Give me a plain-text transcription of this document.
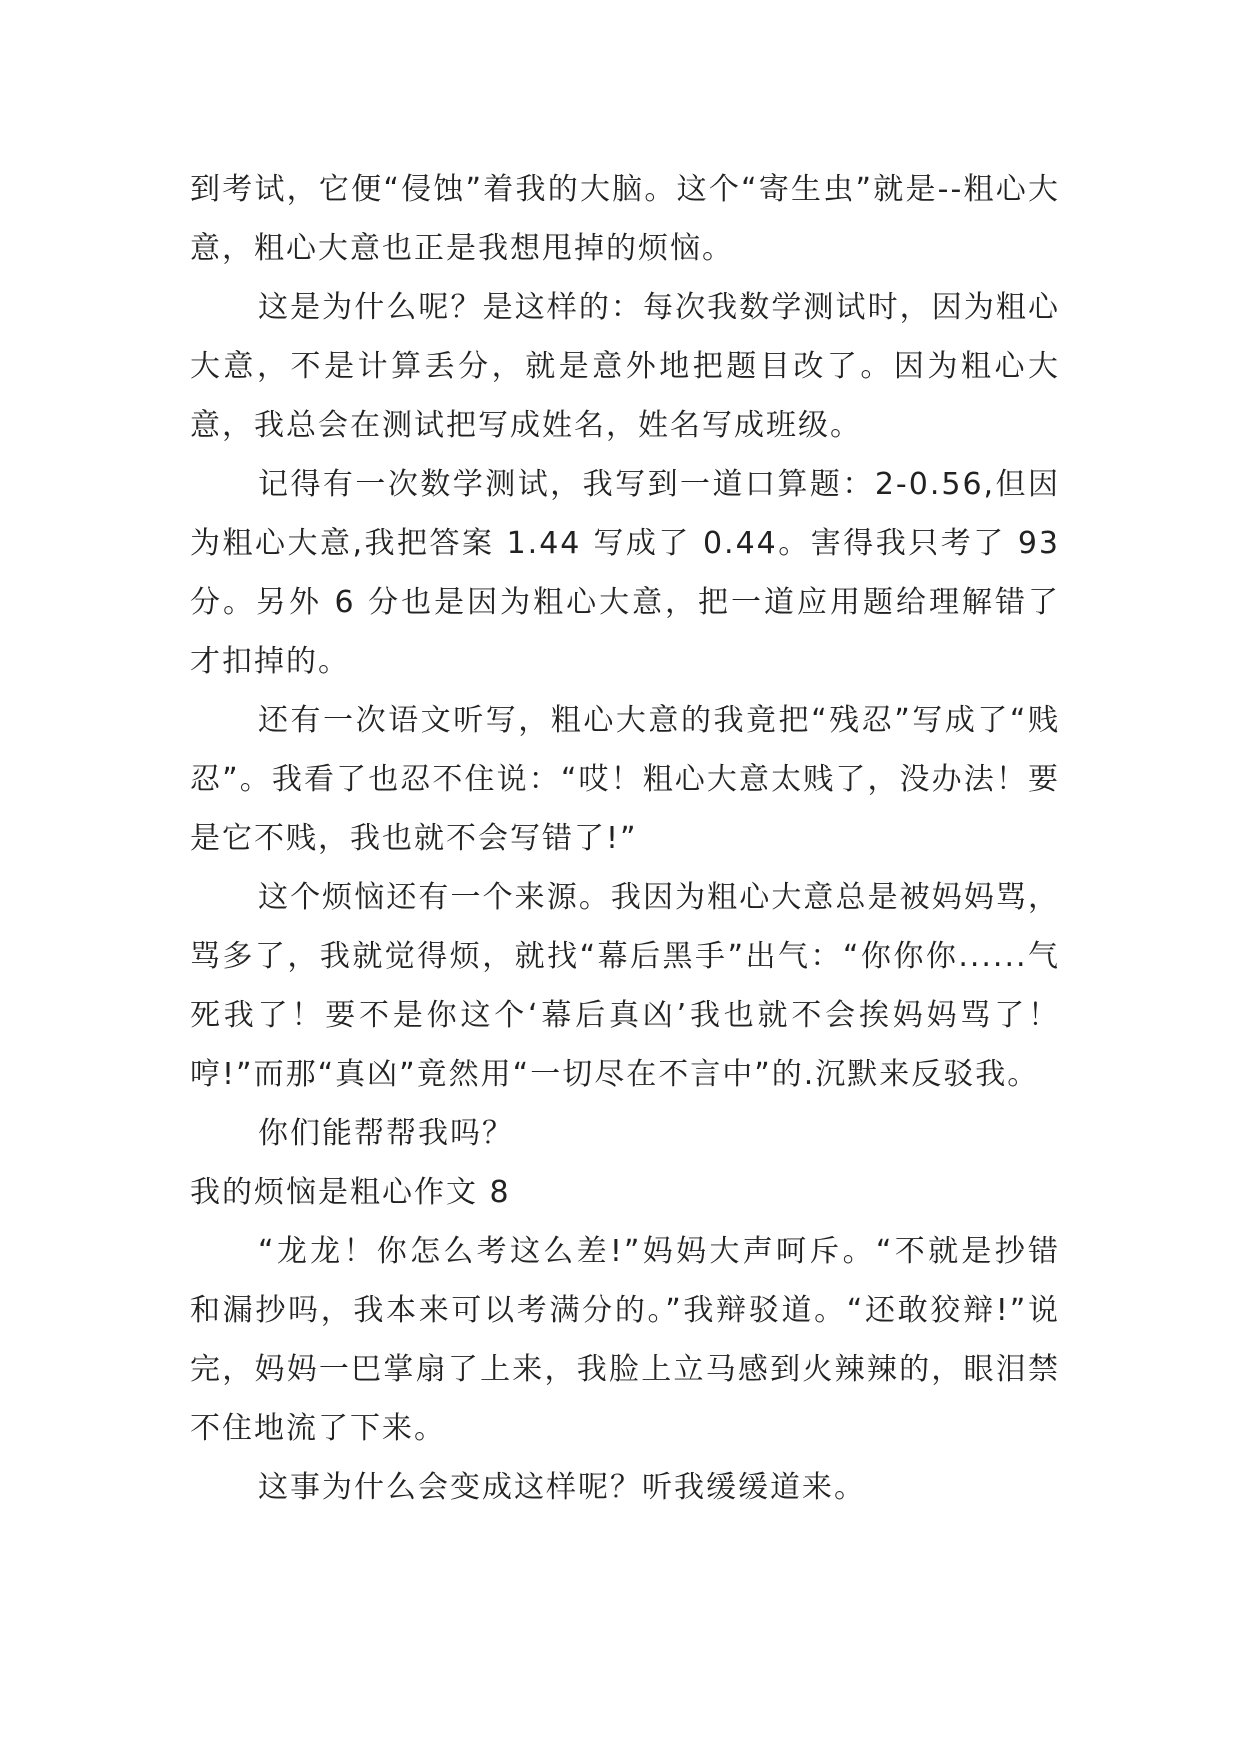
到考试，它便“侵蚀”着我的大脑。这个“寄生虫”就是--粗心大意，粗心大意也正是我想甩掉的烦恼。

这是为什么呢？是这样的：每次我数学测试时，因为粗心大意，不是计算丢分，就是意外地把题目改了。因为粗心大意，我总会在测试把写成姓名，姓名写成班级。

记得有一次数学测试，我写到一道口算题：2-0.56,但因为粗心大意,我把答案 1.44 写成了 0.44。害得我只考了 93 分。另外 6 分也是因为粗心大意，把一道应用题给理解错了才扣掉的。

还有一次语文听写，粗心大意的我竟把“残忍”写成了“贱忍”。我看了也忍不住说：“哎！粗心大意太贱了，没办法！要是它不贱，我也就不会写错了!”

这个烦恼还有一个来源。我因为粗心大意总是被妈妈骂，骂多了，我就觉得烦，就找“幕后黑手”出气：“你你你......气死我了！要不是你这个‘幕后真凶’我也就不会挨妈妈骂了！哼!”而那“真凶”竟然用“一切尽在不言中”的.沉默来反驳我。

你们能帮帮我吗？

我的烦恼是粗心作文 8

“龙龙！你怎么考这么差!”妈妈大声呵斥。“不就是抄错和漏抄吗，我本来可以考满分的。”我辩驳道。“还敢狡辩!”说完，妈妈一巴掌扇了上来，我脸上立马感到火辣辣的，眼泪禁不住地流了下来。

这事为什么会变成这样呢？听我缓缓道来。
